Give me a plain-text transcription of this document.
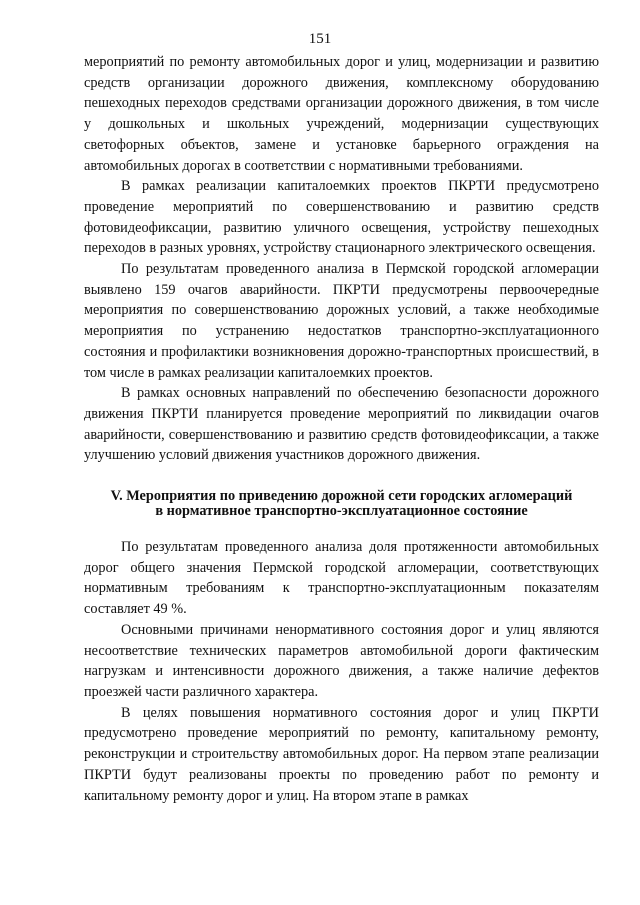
151

мероприятий по ремонту автомобильных дорог и улиц, модернизации и развитию средств организации дорожного движения, комплексному оборудованию пешеходных переходов средствами организации дорожного движения, в том числе у дошкольных и школьных учреждений, модернизации существующих светофорных объектов, замене и установке барьерного ограждения на автомобильных дорогах в соответствии с нормативными требованиями.

В рамках реализации капиталоемких проектов ПКРТИ предусмотрено проведение мероприятий по совершенствованию и развитию средств фотовидеофиксации, развитию уличного освещения, устройству пешеходных переходов в разных уровнях, устройству стационарного электрического освещения.

По результатам проведенного анализа в Пермской городской агломерации выявлено 159 очагов аварийности. ПКРТИ предусмотрены первоочередные мероприятия по совершенствованию дорожных условий, а также необходимые мероприятия по устранению недостатков транспортно-эксплуатационного состояния и профилактики возникновения дорожно-транспортных происшествий, в том числе в рамках реализации капиталоемких проектов.

В рамках основных направлений по обеспечению безопасности дорожного движения ПКРТИ планируется проведение мероприятий по ликвидации очагов аварийности, совершенствованию и развитию средств фотовидеофиксации, а также улучшению условий движения участников дорожного движения.

V. Мероприятия по приведению дорожной сети городских агломераций
в нормативное транспортно-эксплуатационное состояние

По результатам проведенного анализа доля протяженности автомобильных дорог общего значения Пермской городской агломерации, соответствующих нормативным требованиям к транспортно-эксплуатационным показателям составляет 49 %.

Основными причинами ненормативного состояния дорог и улиц являются несоответствие технических параметров автомобильной дороги фактическим нагрузкам и интенсивности дорожного движения, а также наличие дефектов проезжей части различного характера.

В целях повышения нормативного состояния дорог и улиц ПКРТИ предусмотрено проведение мероприятий по ремонту, капитальному ремонту, реконструкции и строительству автомобильных дорог. На первом этапе реализации ПКРТИ будут реализованы проекты по проведению работ по ремонту и капитальному ремонту дорог и улиц. На втором этапе в рамках
